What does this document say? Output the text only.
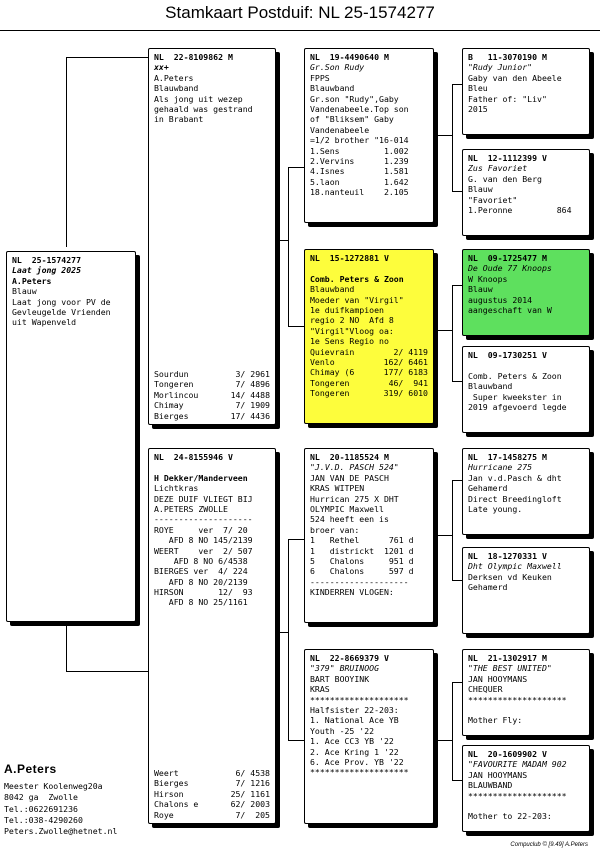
Stamkaart Postduif: NL 25-1574277
NL  25-1574277
Laat jong 2025
A.Peters
Blauw
Laat jong voor PV de
Gevleugelde Vrienden
uit Wapenveld
NL  22-8109862 M
xx+
A.Peters
Blauwband
Als jong uit wezep
gehaald was gestrand
in Brabant
Sourdun	3/ 2961
Tongeren	7/ 4896
Morlincou	14/ 4488
Chimay	7/ 1909
Bierges	17/ 4436
NL  24-8155946 V
H Dekker/Manderveen
Lichtkras
DEZE DUIF VLIEGT BIJ
A.PETERS ZWOLLE
--------------------
ROYE     ver  7/ 20
AFD 8 NO 145/2139
WEERT    ver  2/ 507
AFD 8 NO 6/4538
BIERGES ver  4/ 224
AFD 8 NO 20/2139
HIRSON       12/  93
AFD 8 NO 25/1161
Weert	6/ 4538
Bierges	7/ 1216
Hirson	25/ 1161
Chalons e	62/ 2003
Roye	7/  205
NL  19-4490640 M
Gr.Son Rudy
FPPS
Blauwband
Gr.son "Rudy",Gaby
Vandenabeele.Top son
of "Bliksem" Gaby
Vandenabeele
=1/2 brother "16-014
1.Sens         1.002
2.Vervins      1.239
4.Isnes        1.581
5.laon         1.642
18.nanteuil    2.105
NL  15-1272881 V
Comb. Peters & Zoon
Blauwband
Moeder van "Virgil"
1e duifkampioen
regio 2 NO  Afd 8
"Virgil"Vloog oa:
1e Sens Regio no
Quievrain	2/ 4119
Venlo	162/ 6461
Chimay (6	177/ 6183
Tongeren	46/  941
Tongeren	319/ 6010
NL  20-1185524 M
"J.V.D. PASCH 524"
JAN VAN DE PASCH
KRAS WITPEN
Hurrican 275 X DHT
OLYMPIC Maxwell
524 heeft een is
broer van:
1   Rethel      761 d
1   districkt  1201 d
5   Chalons     951 d
6   Chalons     597 d
--------------------
KINDERREN VLOGEN:
NL  22-8669379 V
"379" BRUINOOG
BART BOOYINK
KRAS
********************
Halfsister 22-203:
1. National Ace YB
Youth -25 '22
1. Ace CC3 YB '22
2. Ace Kring 1 '22
6. Ace Prov. YB '22
********************
B   11-3070190 M
"Rudy Junior"
Gaby van den Abeele
Bleu
Father of: "Liv"
2015
NL  12-1112399 V
Zus Favoriet
G. van den Berg
Blauw
"Favoriet"
1.Peronne         864
NL  09-1725477 M
De Oude 77 Knoops
W Knoops
Blauw
augustus 2014
aangeschaft van W
NL  09-1730251 V
Comb. Peters & Zoon
Blauwband
Super kweekster in
2019 afgevoerd legde
NL  17-1458275 M
Hurricane 275
Jan v.d.Pasch & dht
Gehamerd
Direct Breedingloft
Late young.
NL  18-1270331 V
Dht Olympic Maxwell
Derksen vd Keuken
Gehamerd
NL  21-1302917 M
"THE BEST UNITED"
JAN HOOYMANS
CHEQUER
********************
Mother Fly:
NL  20-1609902 V
"FAVOURITE MADAM 902
JAN HOOYMANS
BLAUWBAND
********************
Mother to 22-203:
A.Peters
Meester Koolenweg20a
8042 ga  Zwolle
Tel.:0622691236
Tel.:038-4290260
Peters.Zwolle@hetnet.nl
Compuclub © [9.49] A.Peters
